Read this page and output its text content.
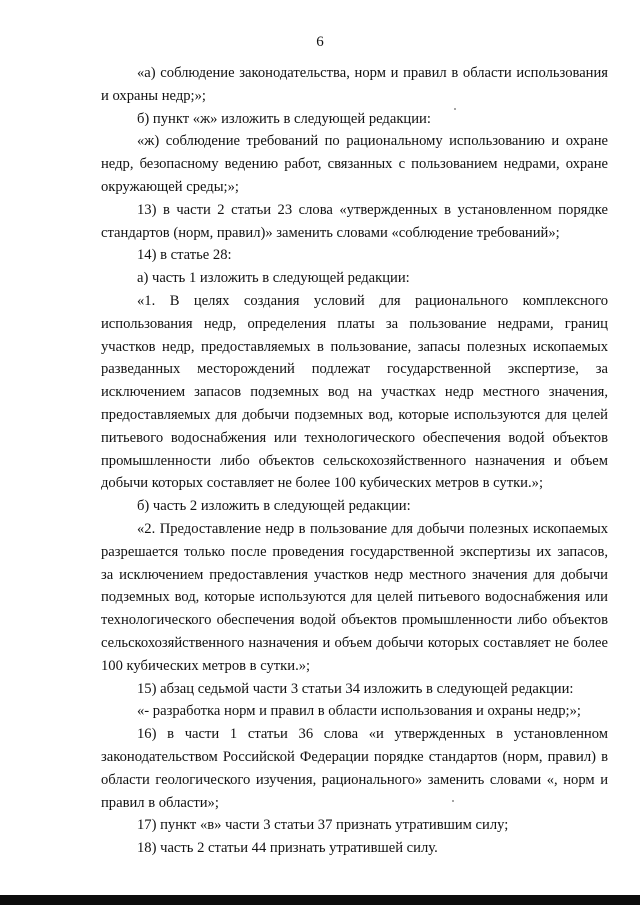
6

«а) соблюдение законодательства, норм и правил в области использования и охраны недр;»;

б) пункт «ж» изложить в следующей редакции:

«ж) соблюдение требований по рациональному использованию и охране недр, безопасному ведению работ, связанных с пользованием недрами, охране окружающей среды;»;

13) в части 2 статьи 23 слова «утвержденных в установленном порядке стандартов (норм, правил)» заменить словами «соблюдение требований»;

14) в статье 28:

а) часть 1 изложить в следующей редакции:

«1. В целях создания условий для рационального комплексного использования недр, определения платы за пользование недрами, границ участков недр, предоставляемых в пользование, запасы полезных ископаемых разведанных месторождений подлежат государственной экспертизе, за исключением запасов подземных вод на участках недр местного значения, предоставляемых для добычи подземных вод, которые используются для целей питьевого водоснабжения или технологического обеспечения водой объектов промышленности либо объектов сельскохозяйственного назначения и объем добычи которых составляет не более 100 кубических метров в сутки.»;

б) часть 2 изложить в следующей редакции:

«2. Предоставление недр в пользование для добычи полезных ископаемых разрешается только после проведения государственной экспертизы их запасов, за исключением предоставления участков недр местного значения для добычи подземных вод, которые используются для целей питьевого водоснабжения или технологического обеспечения водой объектов промышленности либо объектов сельскохозяйственного назначения и объем добычи которых составляет не более 100 кубических метров в сутки.»;

15) абзац седьмой части 3 статьи 34 изложить в следующей редакции:

«- разработка норм и правил в области использования и охраны недр;»;

16) в части 1 статьи 36 слова «и утвержденных в установленном законодательством Российской Федерации порядке стандартов (норм, правил) в области геологического изучения, рационального» заменить словами «, норм и правил в области»;

17) пункт «в» части 3 статьи 37 признать утратившим силу;

18) часть 2 статьи 44 признать утратившей силу.
